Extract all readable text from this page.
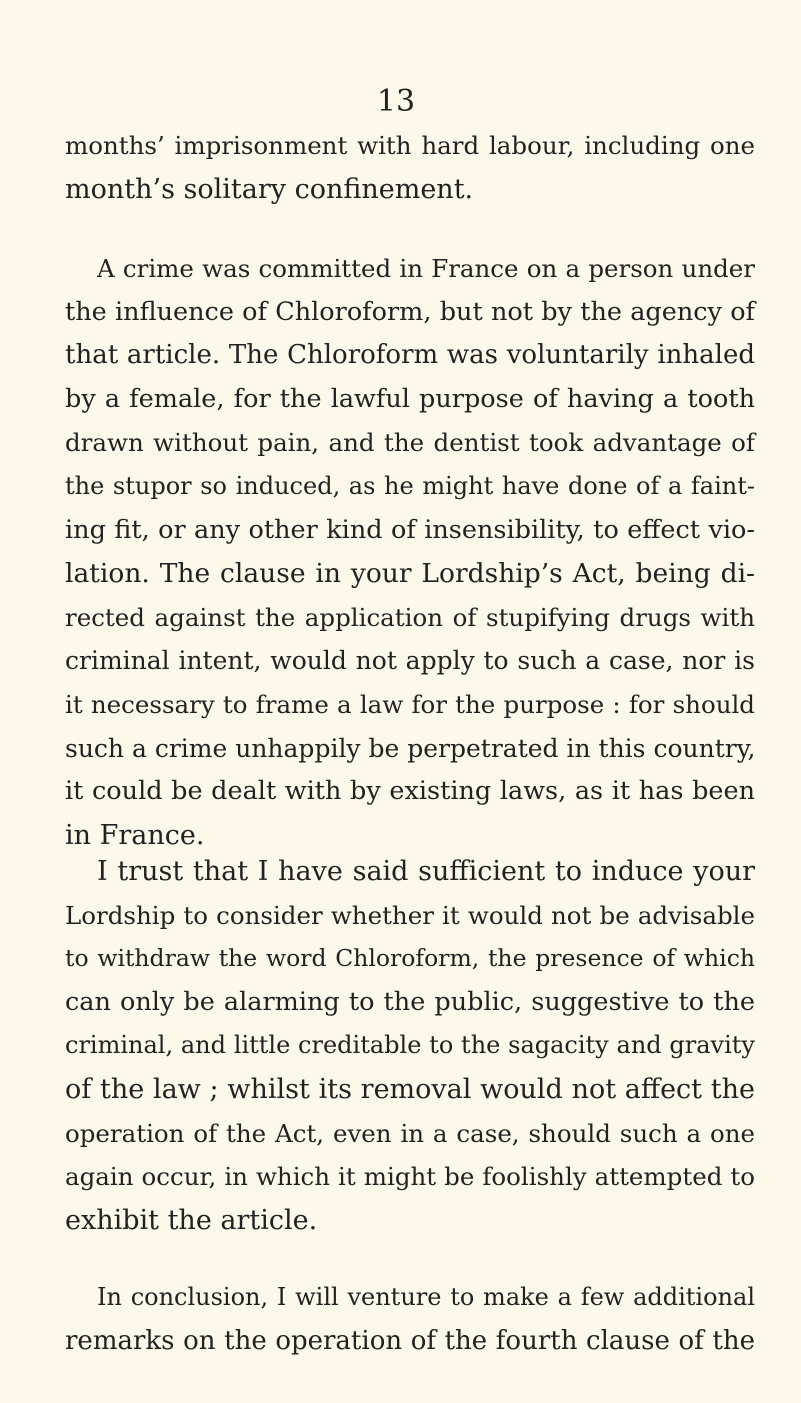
13
months’ imprisonment with hard labour, including one
month’s solitary confinement.
A crime was committed in France on a person under
the influence of Chloroform, but not by the agency of
that article. The Chloroform was voluntarily inhaled
by a female, for the lawful purpose of having a tooth
drawn without pain, and the dentist took advantage of
the stupor so induced, as he might have done of a faint-
ing fit, or any other kind of insensibility, to effect vio-
lation. The clause in your Lordship’s Act, being di-
rected against the application of stupifying drugs with
criminal intent, would not apply to such a case, nor is
it necessary to frame a law for the purpose : for should
such a crime unhappily be perpetrated in this country,
it could be dealt with by existing laws, as it has been
in France.
I trust that I have said sufficient to induce your
Lordship to consider whether it would not be advisable
to withdraw the word Chloroform, the presence of which
can only be alarming to the public, suggestive to the
criminal, and little creditable to the sagacity and gravity
of the law ; whilst its removal would not affect the
operation of the Act, even in a case, should such a one
again occur, in which it might be foolishly attempted to
exhibit the article.
In conclusion, I will venture to make a few additional
remarks on the operation of the fourth clause of the
